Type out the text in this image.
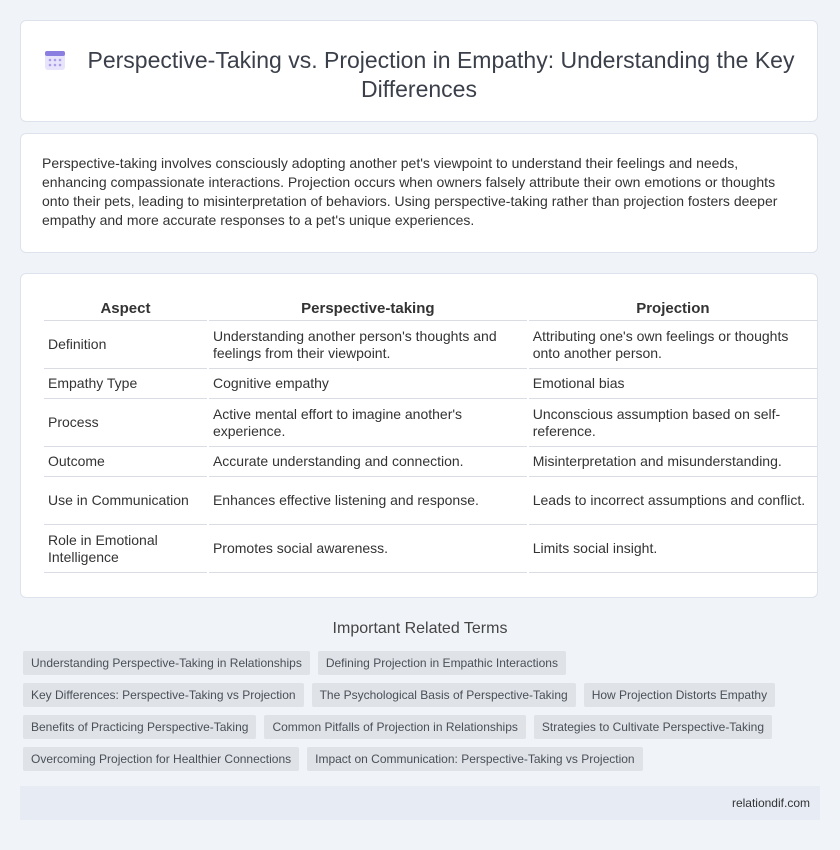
Perspective-Taking vs. Projection in Empathy: Understanding the Key Differences
Perspective-taking involves consciously adopting another pet's viewpoint to understand their feelings and needs, enhancing compassionate interactions. Projection occurs when owners falsely attribute their own emotions or thoughts onto their pets, leading to misinterpretation of behaviors. Using perspective-taking rather than projection fosters deeper empathy and more accurate responses to a pet's unique experiences.
Aspect	Perspective-taking	Projection
Definition	Understanding another person's thoughts and feelings from their viewpoint.	Attributing one's own feelings or thoughts onto another person.
Empathy Type	Cognitive empathy	Emotional bias
Process	Active mental effort to imagine another's experience.	Unconscious assumption based on self-reference.
Outcome	Accurate understanding and connection.	Misinterpretation and misunderstanding.
Use in Communication	Enhances effective listening and response.	Leads to incorrect assumptions and conflict.
Role in Emotional Intelligence	Promotes social awareness.	Limits social insight.
Important Related Terms
Understanding Perspective-Taking in Relationships	Defining Projection in Empathic Interactions
Key Differences: Perspective-Taking vs Projection	The Psychological Basis of Perspective-Taking	How Projection Distorts Empathy
Benefits of Practicing Perspective-Taking	Common Pitfalls of Projection in Relationships	Strategies to Cultivate Perspective-Taking
Overcoming Projection for Healthier Connections	Impact on Communication: Perspective-Taking vs Projection
relationdif.com
